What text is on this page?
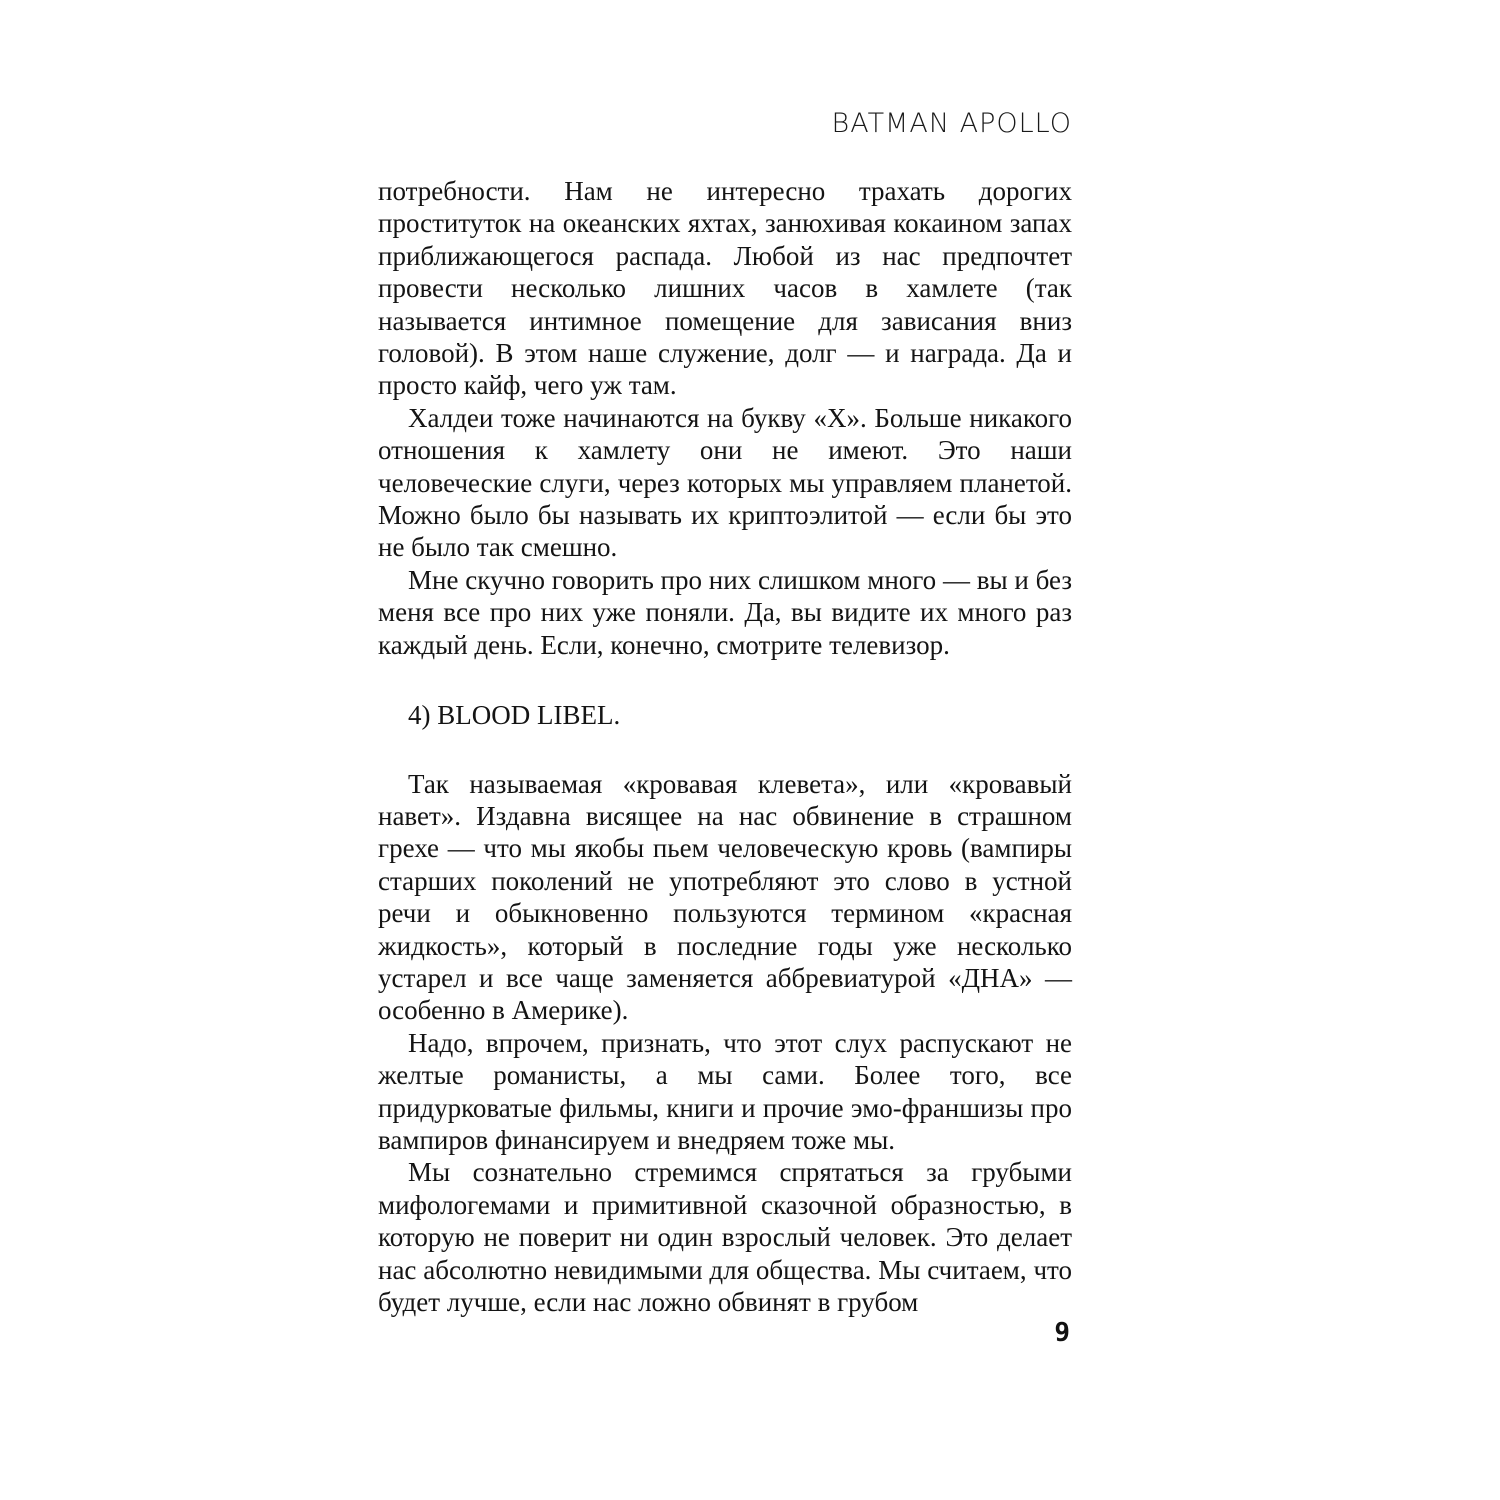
BATMAN APOLLO

потребности. Нам не интересно трахать дорогих проституток на океанских яхтах, занюхивая кокаином запах приближающегося распада. Любой из нас предпочтет провести несколько лишних часов в хамлете (так называется интимное помещение для зависания вниз головой). В этом наше служение, долг — и награда. Да и просто кайф, чего уж там.

Халдеи тоже начинаются на букву «Х». Больше никакого отношения к хамлету они не имеют. Это наши человеческие слуги, через которых мы управляем планетой. Можно было бы называть их криптоэлитой — если бы это не было так смешно.

Мне скучно говорить про них слишком много — вы и без меня все про них уже поняли. Да, вы видите их много раз каждый день. Если, конечно, смотрите телевизор.

4) BLOOD LIBEL.

Так называемая «кровавая клевета», или «кровавый навет». Издавна висящее на нас обвинение в страшном грехе — что мы якобы пьем человеческую кровь (вампиры старших поколений не употребляют это слово в устной речи и обыкновенно пользуются термином «красная жидкость», который в последние годы уже несколько устарел и все чаще заменяется аббревиатурой «ДНА» — особенно в Америке).

Надо, впрочем, признать, что этот слух распускают не желтые романисты, а мы сами. Более того, все придурковатые фильмы, книги и прочие эмо-франшизы про вампиров финансируем и внедряем тоже мы.

Мы сознательно стремимся спрятаться за грубыми мифологемами и примитивной сказочной образностью, в которую не поверит ни один взрослый человек. Это делает нас абсолютно невидимыми для общества. Мы считаем, что будет лучше, если нас ложно обвинят в грубом

9
